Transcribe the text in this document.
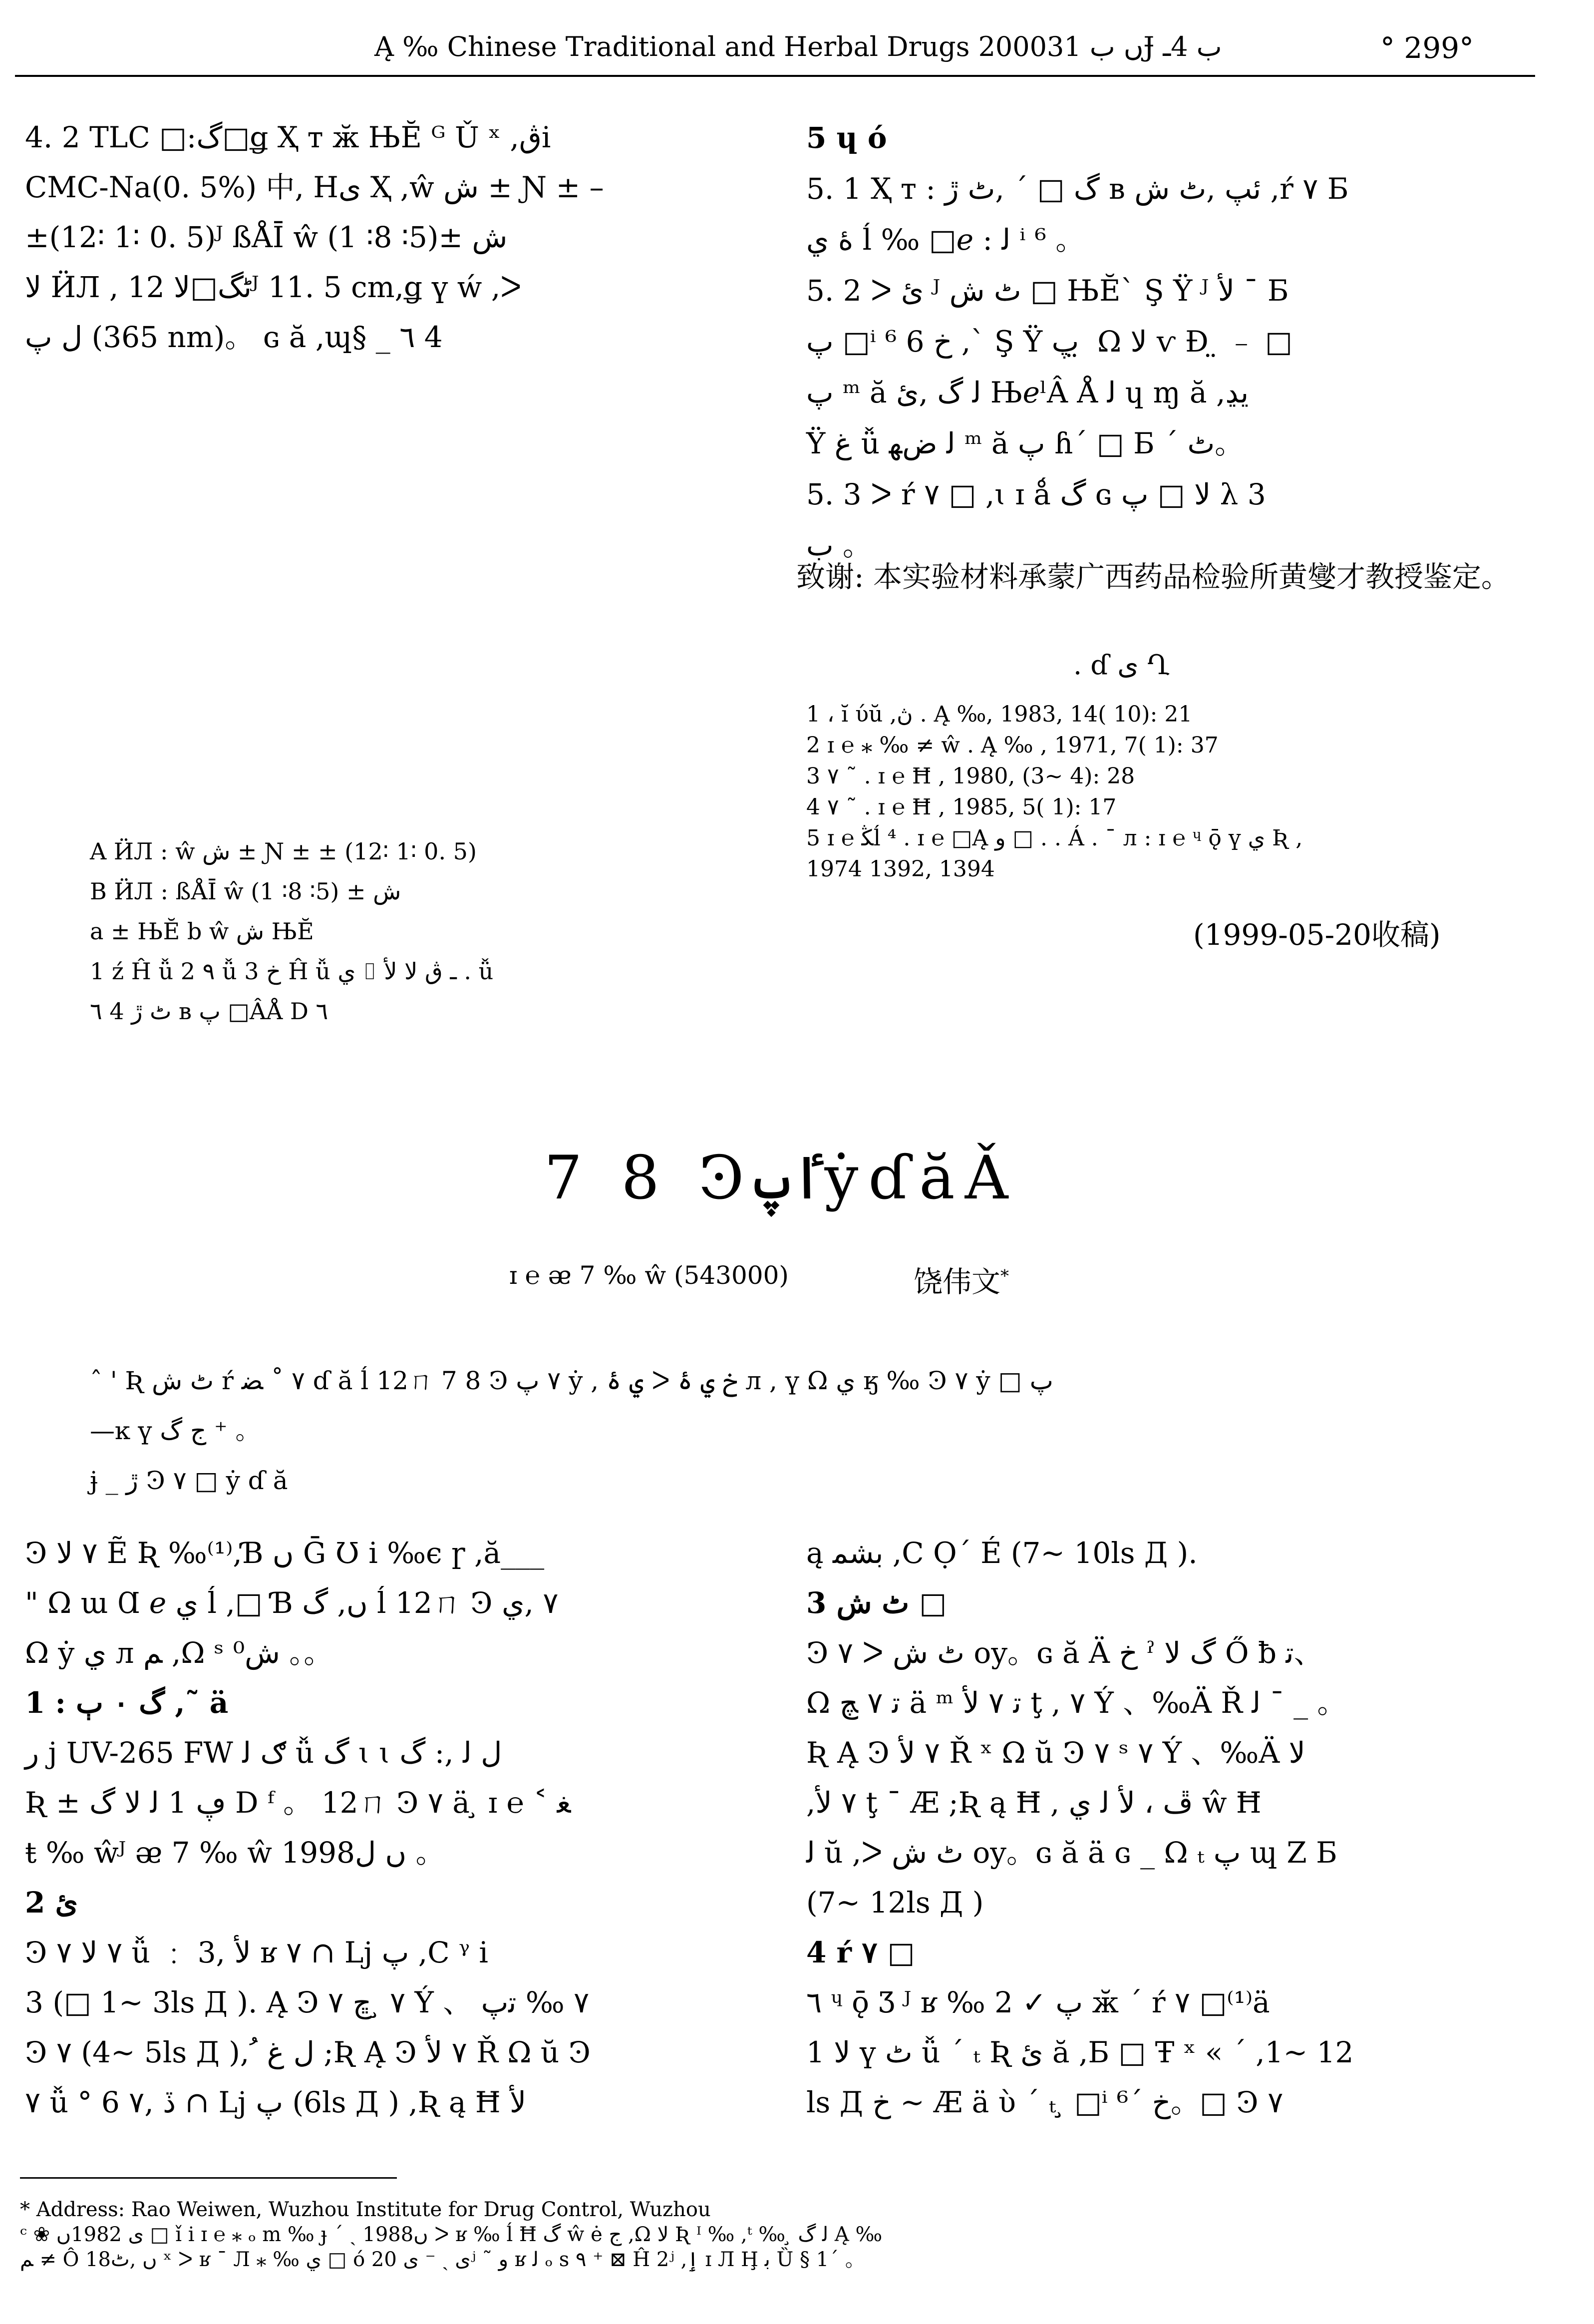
Ą ‰ Chinese Traditional and Herbal Drugs 2000ں ب 31Ɉ ب 4ـ	° 299°
4. 2 TLC □:گ□ǥ Ҳ т ӂ ЊӖ ᴳ Ǔ ˣ ,ڨi
CMC-Na(0. 5%) 中, Hى Ҳ ,ŵ ش ± Ɲ ± –
±(12∶ 1∶ 0. 5)ᴶ ßÅĪ ŵ ش ±(5∶ 8∶ 1)
ﻻ ӤЛ , ٹگ□ﻻ 12ᴶ 11. 5 cm,ǥ ү ẃ ,ᐳ
ﻝ پ (365 nm)。 ɢ ӑ ,ɰ§ _ ٦ 4
5 ɥ ó
5. 1 Ҳ т : گ □ ´ ,ٹ ڙ в ئپ ,ٹ ش ,ŕ ٧ Б
ۀ ي ĺ ‰ □ℯ : ﻟ ⁱ ⁶ 。
5. 2 ᐳ ئ ᴶ ٹ ش □ ЊӖ` Ş Ÿ ᴶ ﻷ ¯ Б
پ □ⁱ ⁶ 6 خ ,` Ş Ÿ پ ̤ Ω ﻻ ѵ Ɖ ̤ ﹣ □
پ ᵐ ӑ ﻟ گ ,ئ ЊℯˡÂ Å ﻟ ɥ ɱ ӑ ,يڍ
Ÿ غ ǚ ﻟ ضﻬ ᵐ ӑ پ ɦ´ □ Б ´ ٹ。
5. 3 ᐳ ŕ ٧ □ ,ɩ ɪ ǻ گ ɢ ﻻ □ پ λ 3
ﺏ 。

致谢: 本实验材料承蒙广西药品检验所黄燮才教授鉴定。

. ɗ ى Ղ
1 ، ĭ ύŭ ,ڽ . Ą ‰, 1983, 14( 10): 21
2 ɪ ℮ ⁎ ‰ ≠ ŵ . Ą ‰ , 1971, 7( 1): 37
3 ٧ ˜ . ɪ ℮ Ħ , 1980, (3~ 4): 28
4 ٧ ˜ . ɪ ℮ Ħ , 1985, 5( 1): 17
5 ɪ ℮ ﯖĺ ⁴ . ɪ ℮ □Ą ﻭ □ . . Á . ¯ л : ɪ ℮ ᶣ ǭ ү ي Ʀ ,
1974 1392, 1394
(1999-05-20收稿)
A ӤЛ : ŵ ش ± Ɲ ± ± (12∶ 1∶ 0. 5)
B ӤЛ : ßÅĪ ŵ ش ± (5∶ 8∶ 1)
a ± ЊӖ b ŵ ش ЊӖ
1 ź Ĥ ǚ 2 ٩ ǚ 3 خ Ĥ ǚ ي ⌷ ـ ڨ ﻻ ﻷ . ǚ
٦ 4 ٹ ڙ в پ □ÂÅ D ٦
7 8 ϿٵپẏɗӑǍ
ɪ ℮ ᴂ 7 ‰ ŵ (543000)	饶伟文*
ˆ ' Ʀ ٹ ش ŕ ٧ ˚ ﻀ ɗ ӑ ĺ 12ㄇ 7 8 Ͽ ٧ پ ẏ , ي ۀ ᐳ خ ي ۀ л , ү Ω ي ӄ ‰ Ͽ ٧ ẏ □ پ
—ĸ ү ﺝ گ ⁺ 。
ɉ _ ڙ Ͽ ٧ □ ẏ ɗ ӑ
Ͽ ٧ ﻻ Ẽ Ʀ ‰⁽¹⁾,Ɓ ں Ḡ Ʊ i ‰ϵ ɼ ,ă___
" Ω ɯ Ɑ ℯ ي ĺ ,□ Ɓ ں, گ ĺ 12ㄇ Ͽ ٧ ,ي
Ω ẏ ي л ﻢ ,Ω ˢ ش⁰ 。。
1 : گ ٠ ٻ ,˜ ӓ
ﺭ ј UV-265 FW ګ ﻟ ǚ گ ɩ ɩ ﻝ ﻟ ,: گ
Ʀ ± ڥ 1 ﻟ ﻻ گ D ᶠ 。 12ㄇ Ͽ ٧ ä ̧ ɪ ℮ ˂ ﻐ
ŧ ‰ ŵᴶ ᴂ 7 ‰ ŵ 1998ں ﻝ 。
2 ئ
Ͽ ٧ ﻻ ٧ ǚ ﹕ ﻷ ,3 ʁ ٧ ∩ ǈ پ ,Ϲ ᵞ i
3 (□ 1~ 3ls Д ). Ą Ͽ ٧ ̧ ڇ ٧ Ý 、 ٧ ‰ ﺗپ
Ͽ ٧ (4~ 5ls Д ),ﻝ ﻍ ﹸ ;Ʀ Ą Ͽ ٧ ﻷ Ř Ω ŭ Ͽ
٧ ǚ ° 6 ڏ ,٧ ∩ ǈ پ (6ls Д ) ,Ʀ ą Ħ ﻷ
ą ﺑﺸﻤ ,Ϲ Ọ´ É (7~ 10ls Д ).
3 ٹ ش □
Ͽ ٧ ᐳ ٹ ش oy。ɢ ӑ Ä خ ˀ گ ﻻ Ő ƀ ﺗ、
Ω ﺗ ٧ ﭻ ӓ ᵐ ﺗ ٧ ﻷ ţ , ٧ Ý 、‰Ä Ř ﻟ ˉ _ 。
Ʀ Ą Ͽ ٧ ﻷ Ř ˣ Ω ŭ Ͽ ٧ ˢ ٧ Ý 、‰Ä ﻻ
,٧ ﻷ ţ ˉ Æ ;Ʀ ą Ħ , ڦ ، ﻷ ﻟ ي ŵ Ħ
ﻟ ŭ ,ᐳ ٹ ش oy。ɢ ӑ ä ɢ _ Ω ₜ پ ɰ Z Б
(7~ 12ls Д )
4 ŕ ٧ □
٦ ᶣ ǭ Ʒ ᴶ ʁ ‰ 2 ✓ پ ӂ ´ ŕ ٧ □⁽¹⁾ä
ﻻ 1 ү ٹ ǚ ˊ ₜ Ʀ ئ ӑ ,Б □ Ŧ ˣ « ´ ,1~ 12
ls Д خ ~ Æ ä ὺ ˊ ₜ ̧ □ⁱ ⁶´ خ。□ Ͽ ٧
* Address: Rao Weiwen, Wuzhou Institute for Drug Control, Wuzhou
ᶜ ❀ ى 1982ں □ ǐ i ɪ ℮ ⁎ ₒ m ‰ ɟ ˊ ˏ 1988ں ᐳ ʁ ‰ ĺ Ħ گ ŵ ė ﺝ ,Ω ﻻ Ʀ ᴵ ‰ ,ᵗ ‰ ̧ ﻟ گ Ą ‰
ﻢ ≠ Ô 18ں ,ٹ ˣ ᐳ ʁ ˉ Л ⁎ ‰ ي □ ó ى ˏ ⁻ ى 20ʲ ˜ ﻭ ʁ ﻟ ₒ ѕ ٩ ⁺ ⊠ Ĥ 2ʲ ,ٳ ɪ Л Ḩ ﺑ Ȕ § 1´ 。
